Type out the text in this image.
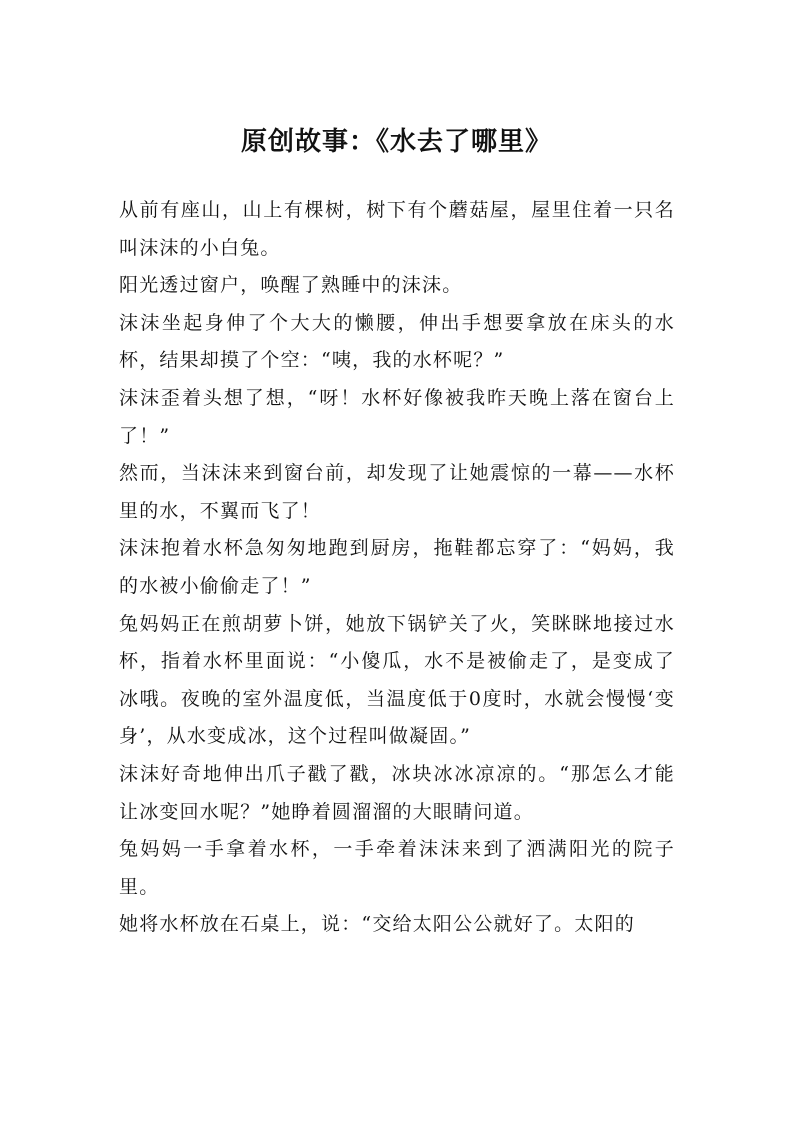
原创故事：《水去了哪里》

从前有座山，山上有棵树，树下有个蘑菇屋，屋里住着一只名叫沫沫的小白兔。

阳光透过窗户，唤醒了熟睡中的沫沫。

沫沫坐起身伸了个大大的懒腰，伸出手想要拿放在床头的水杯，结果却摸了个空：“咦，我的水杯呢？”

沫沫歪着头想了想，“呀！水杯好像被我昨天晚上落在窗台上了！”

然而，当沫沫来到窗台前，却发现了让她震惊的一幕——水杯里的水，不翼而飞了！

沫沫抱着水杯急匆匆地跑到厨房，拖鞋都忘穿了：“妈妈，我的水被小偷偷走了！”

兔妈妈正在煎胡萝卜饼，她放下锅铲关了火，笑眯眯地接过水杯，指着水杯里面说：“小傻瓜，水不是被偷走了，是变成了冰哦。夜晚的室外温度低，当温度低于0度时，水就会慢慢‘变身’，从水变成冰，这个过程叫做凝固。”

沫沫好奇地伸出爪子戳了戳，冰块冰冰凉凉的。“那怎么才能让冰变回水呢？”她睁着圆溜溜的大眼睛问道。

兔妈妈一手拿着水杯，一手牵着沫沫来到了洒满阳光的院子里。

她将水杯放在石桌上，说：“交给太阳公公就好了。太阳的
